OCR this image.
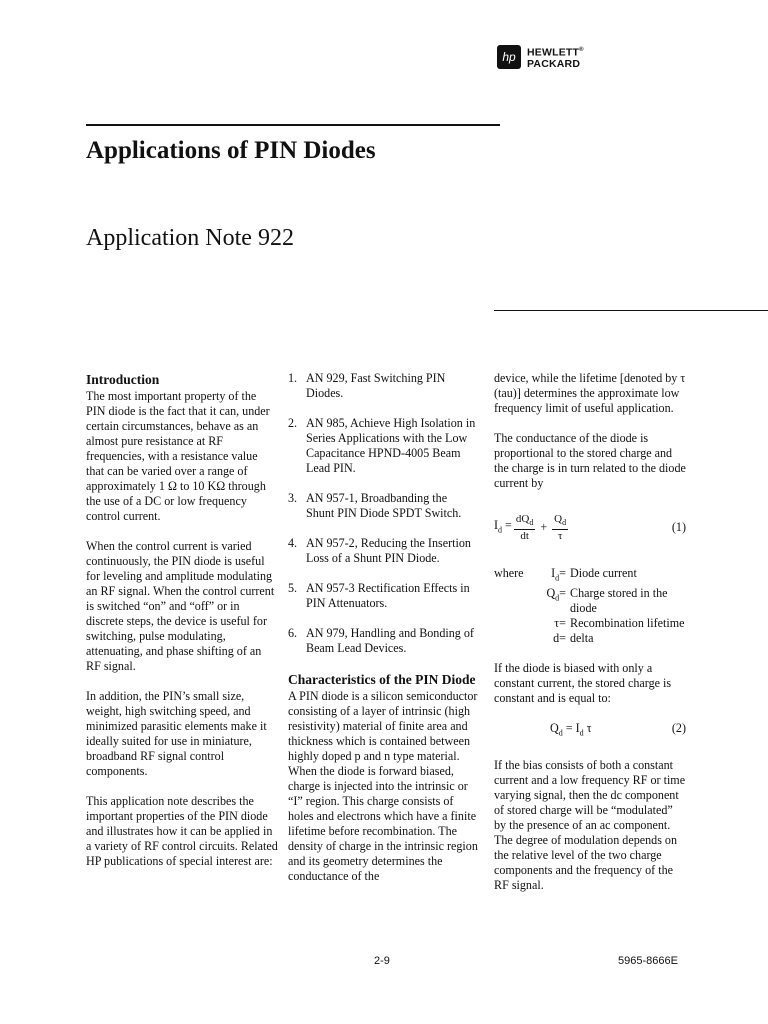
hp	HEWLETT®
PACKARD
Applications of PIN Diodes
Application Note 922
Introduction

The most important property of the PIN diode is the fact that it can, under certain circumstances, behave as an almost pure resistance at RF frequencies, with a resistance value that can be varied over a range of approximately 1 Ω to 10 KΩ through the use of a DC or low frequency control current.

When the control current is varied continuously, the PIN diode is useful for leveling and amplitude modulating an RF signal. When the control current is switched “on” and “off” or in discrete steps, the device is useful for switching, pulse modulating, attenuating, and phase shifting of an RF signal.

In addition, the PIN’s small size, weight, high switching speed, and minimized parasitic elements make it ideally suited for use in miniature, broadband RF signal control components.

This application note describes the important properties of the PIN diode and illustrates how it can be applied in a variety of RF control circuits. Related HP publications of special interest are:

1. AN 929, Fast Switching PIN Diodes.
2. AN 985, Achieve High Isolation in Series Applications with the Low Capacitance HPND-4005 Beam Lead PIN.
3. AN 957-1, Broadbanding the Shunt PIN Diode SPDT Switch.
4. AN 957-2, Reducing the Insertion Loss of a Shunt PIN Diode.
5. AN 957-3 Rectification Effects in PIN Attenuators.
6. AN 979, Handling and Bonding of Beam Lead Devices.
Characteristics of the PIN Diode

A PIN diode is a silicon semiconductor consisting of a layer of intrinsic (high resistivity) material of finite area and thickness which is contained between highly doped p and n type material. When the diode is forward biased, charge is injected into the intrinsic or “I” region. This charge consists of holes and electrons which have a finite lifetime before recombination. The density of charge in the intrinsic region and its geometry determines the conductance of the

device, while the lifetime [denoted by τ (tau)] determines the approximate low frequency limit of useful application.

The conductance of the diode is proportional to the stored charge and the charge is in turn related to the diode current by

$I_d = \frac{dQ_d}{dt} + \frac{Q_d}{\tau}$	(1)
where	$I_d=$	Diode current
$Q_d=$	Charge stored in the diode
τ=	Recombination lifetime
d=	delta

If the diode is biased with only a constant current, the stored charge is constant and is equal to:

$Q_d = I_d$ τ	(2)

If the bias consists of both a constant current and a low frequency RF or time varying signal, then the dc component of stored charge will be “modulated” by the presence of an ac component. The degree of modulation depends on the relative level of the two charge components and the frequency of the RF signal.

2-9	5965-8666E
